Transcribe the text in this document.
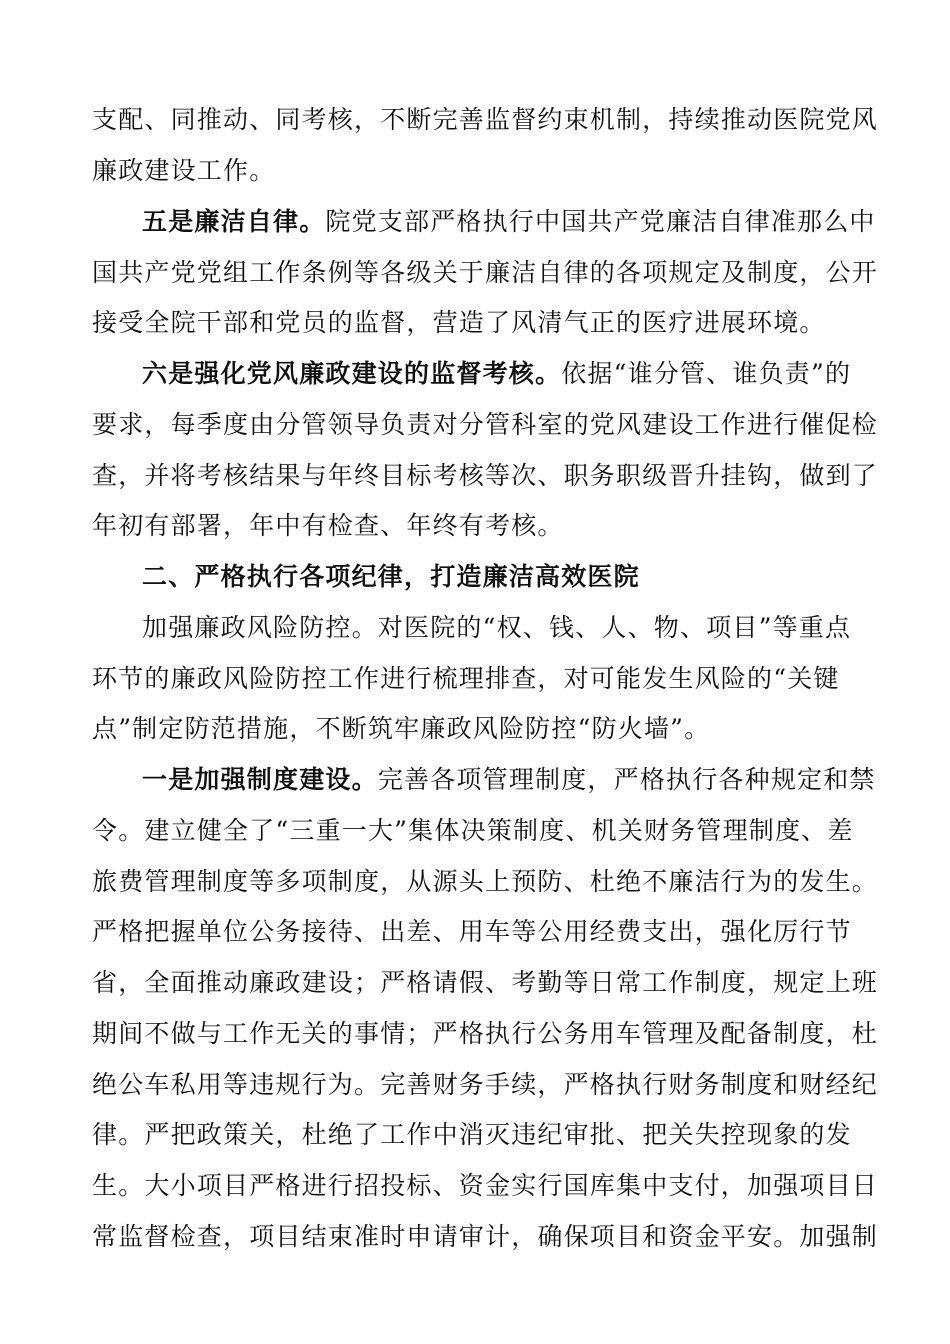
支配、同推动、同考核，不断完善监督约束机制，持续推动医院党风
廉政建设工作。
五是廉洁自律。院党支部严格执行中国共产党廉洁自律准那么中
国共产党党组工作条例等各级关于廉洁自律的各项规定及制度，公开
接受全院干部和党员的监督，营造了风清气正的医疗进展环境。
六是强化党风廉政建设的监督考核。依据“谁分管、谁负责”的
要求，每季度由分管领导负责对分管科室的党风建设工作进行催促检
查，并将考核结果与年终目标考核等次、职务职级晋升挂钩，做到了
年初有部署，年中有检查、年终有考核。
二、严格执行各项纪律，打造廉洁高效医院
加强廉政风险防控。对医院的“权、钱、人、物、项目”等重点
环节的廉政风险防控工作进行梳理排查，对可能发生风险的“关键
点”制定防范措施，不断筑牢廉政风险防控“防火墙”。
一是加强制度建设。完善各项管理制度，严格执行各种规定和禁
令。建立健全了“三重一大”集体决策制度、机关财务管理制度、差
旅费管理制度等多项制度，从源头上预防、杜绝不廉洁行为的发生。
严格把握单位公务接待、出差、用车等公用经费支出，强化厉行节
省，全面推动廉政建设；严格请假、考勤等日常工作制度，规定上班
期间不做与工作无关的事情；严格执行公务用车管理及配备制度，杜
绝公车私用等违规行为。完善财务手续，严格执行财务制度和财经纪
律。严把政策关，杜绝了工作中消灭违纪审批、把关失控现象的发
生。大小项目严格进行招投标、资金实行国库集中支付，加强项目日
常监督检查，项目结束准时申请审计，确保项目和资金平安。加强制
